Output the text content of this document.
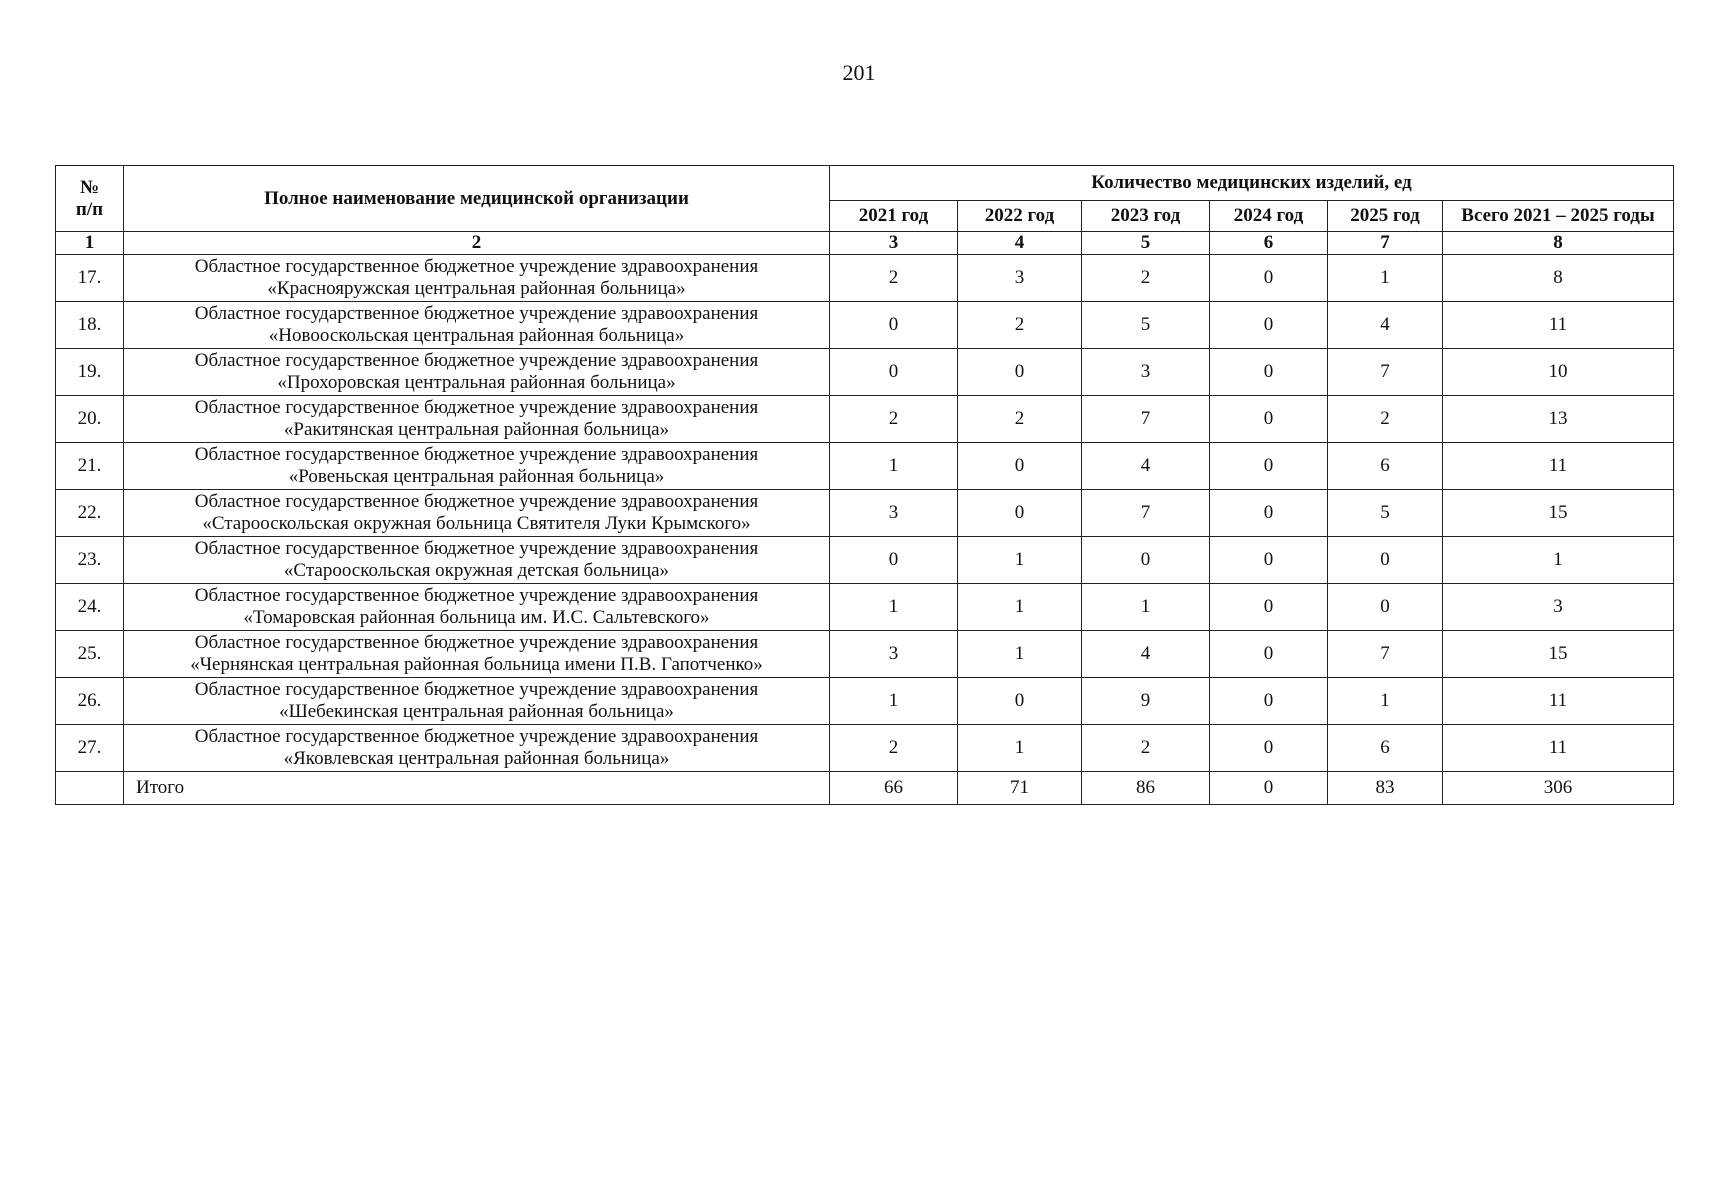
201
№
п/п	Полное наименование медицинской организации	Количество медицинских изделий, ед					
		2021 год	2022 год	2023 год	2024 год	2025 год	Всего 2021 – 2025 годы
1	2	3	4	5	6	7	8
17.	Областное государственное бюджетное учреждение здравоохранения
«Краснояружская центральная районная больница»	2	3	2	0	1	8
18.	Областное государственное бюджетное учреждение здравоохранения
«Новооскольская центральная районная больница»	0	2	5	0	4	11
19.	Областное государственное бюджетное учреждение здравоохранения
«Прохоровская центральная районная больница»	0	0	3	0	7	10
20.	Областное государственное бюджетное учреждение здравоохранения
«Ракитянская центральная районная больница»	2	2	7	0	2	13
21.	Областное государственное бюджетное учреждение здравоохранения
«Ровеньская центральная районная больница»	1	0	4	0	6	11
22.	Областное государственное бюджетное учреждение здравоохранения
«Старооскольская окружная больница Святителя Луки Крымского»	3	0	7	0	5	15
23.	Областное государственное бюджетное учреждение здравоохранения
«Старооскольская окружная детская больница»	0	1	0	0	0	1
24.	Областное государственное бюджетное учреждение здравоохранения
«Томаровская районная больница им. И.С. Сальтевского»	1	1	1	0	0	3
25.	Областное государственное бюджетное учреждение здравоохранения
«Чернянская центральная районная больница имени П.В. Гапотченко»	3	1	4	0	7	15
26.	Областное государственное бюджетное учреждение здравоохранения
«Шебекинская центральная районная больница»	1	0	9	0	1	11
27.	Областное государственное бюджетное учреждение здравоохранения
«Яковлевская центральная районная больница»	2	1	2	0	6	11
	Итого	66	71	86	0	83	306
